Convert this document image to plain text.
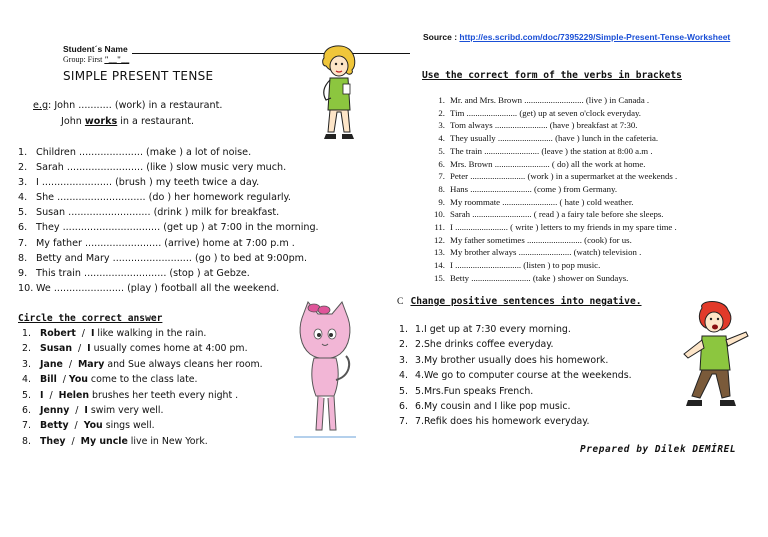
Source : http://es.scribd.com/doc/7395229/Simple-Present-Tense-Worksheet
Student´s Name
Group: First "__"__
SIMPLE PRESENT TENSE
e.g: John ........... (work) in a restaurant.
John works in a restaurant.
1. Children ..................... (make ) a lot of noise.
2. Sarah ......................... (like ) slow music very much.
3. I ....................... (brush ) my teeth twice a day.
4. She ............................. (do ) her homework regularly.
5. Susan ........................... (drink ) milk for breakfast.
6. They ................................ (get up ) at 7:00 in the morning.
7. My father ......................... (arrive) home at 7:00 p.m .
8. Betty and Mary .......................... (go ) to bed at 9:00pm.
9. This train ........................... (stop ) at Gebze.
10. We ....................... (play ) football all the weekend.
Circle the correct answer
1. Robert  /  I like walking in the rain.
2. Susan  /  I usually comes home at 4:00 pm.
3. Jane  /  Mary and Sue always cleans her room.
4. Bill  / You come to the class late.
5. I  /  Helen brushes her teeth every night .
6. Jenny  /  I swim very well.
7. Betty  /  You sings well.
8. They  /  My uncle live in New York.
Use the correct form of the verbs in brackets
1. Mr. and Mrs. Brown ........................... (live ) in Canada .
2. Tim ....................... (get) up at seven o'clock everyday.
3. Tom always ........................ (have ) breakfast at 7:30.
4. They usually ......................... (have ) lunch in the cafeteria.
5. The train ......................... (leave ) the station at 8:00 a.m .
6. Mrs. Brown ......................... ( do) all the work at home.
7. Peter ......................... (work ) in a supermarket at the weekends .
8. Hans ............................ (come ) from Germany.
9. My roommate ......................... ( hate ) cold weather.
10. Sarah ........................... ( read ) a fairy tale before she sleeps.
11. I ........................ ( write ) letters to my friends in my spare time .
12. My father sometimes ......................... (cook) for us.
13. My brother always ........................ (watch) television .
14. I .............................. (listen ) to pop music.
15. Betty ........................... (take ) shower on Sundays.
C Change positive sentences into negative.
1. 1.I get up at 7:30 every morning.
2. 2.She drinks coffee everyday.
3. 3.My brother usually does his homework.
4. 4.We go to computer course at the weekends.
5. 5.Mrs.Fun speaks French.
6. 6.My cousin and I like pop music.
7. 7.Refik does his homework everyday.
Prepared by Dilek DEMİREL
